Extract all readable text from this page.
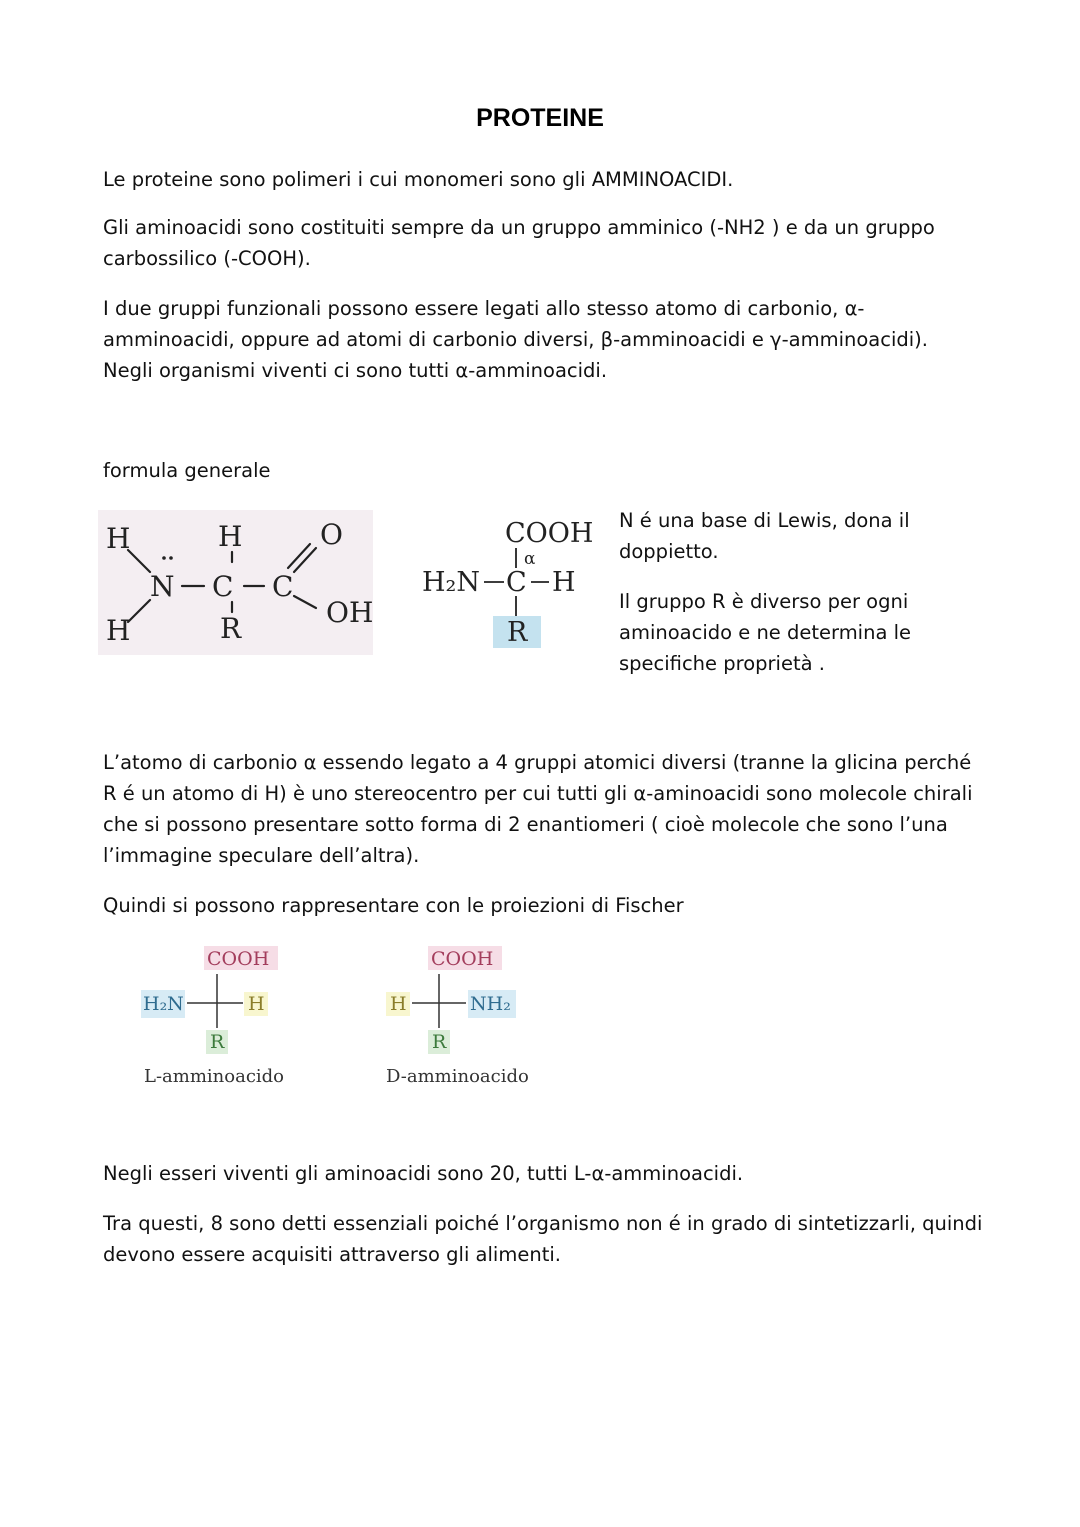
PROTEINE

Le proteine sono polimeri i cui monomeri sono gli AMMINOACIDI.

Gli aminoacidi sono costituiti sempre da un gruppo amminico (-NH2 ) e da un gruppo carbossilico (-COOH).

I due gruppi funzionali possono essere legati allo stesso atomo di carbonio, α-amminoacidi, oppure ad atomi di carbonio diversi, β-amminoacidi e γ-amminoacidi). Negli organismi viventi ci sono tutti α-amminoacidi.

formula generale

H
H
N
H
C
R
C
O
OH
COOH
H₂N C H
R
α

N é una base di Lewis, dona il doppietto.

Il gruppo R è diverso per ogni aminoacido e ne determina le specifiche proprietà .

L’atomo di carbonio α essendo legato a 4 gruppi atomici diversi (tranne la glicina perché R é un atomo di H) è uno stereocentro per cui tutti gli α-aminoacidi sono molecole chirali che si possono presentare sotto forma di 2 enantiomeri ( cioè molecole che sono l’una l’immagine speculare dell’altra).

Quindi si possono rappresentare con le proiezioni di Fischer

COOH
H₂N	H
R
L-amminoacido
COOH
H	NH₂
R
D-amminoacido

Negli esseri viventi gli aminoacidi sono 20, tutti L-α-amminoacidi.

Tra questi, 8 sono detti essenziali poiché l’organismo non é in grado di sintetizzarli, quindi devono essere acquisiti attraverso gli alimenti.
